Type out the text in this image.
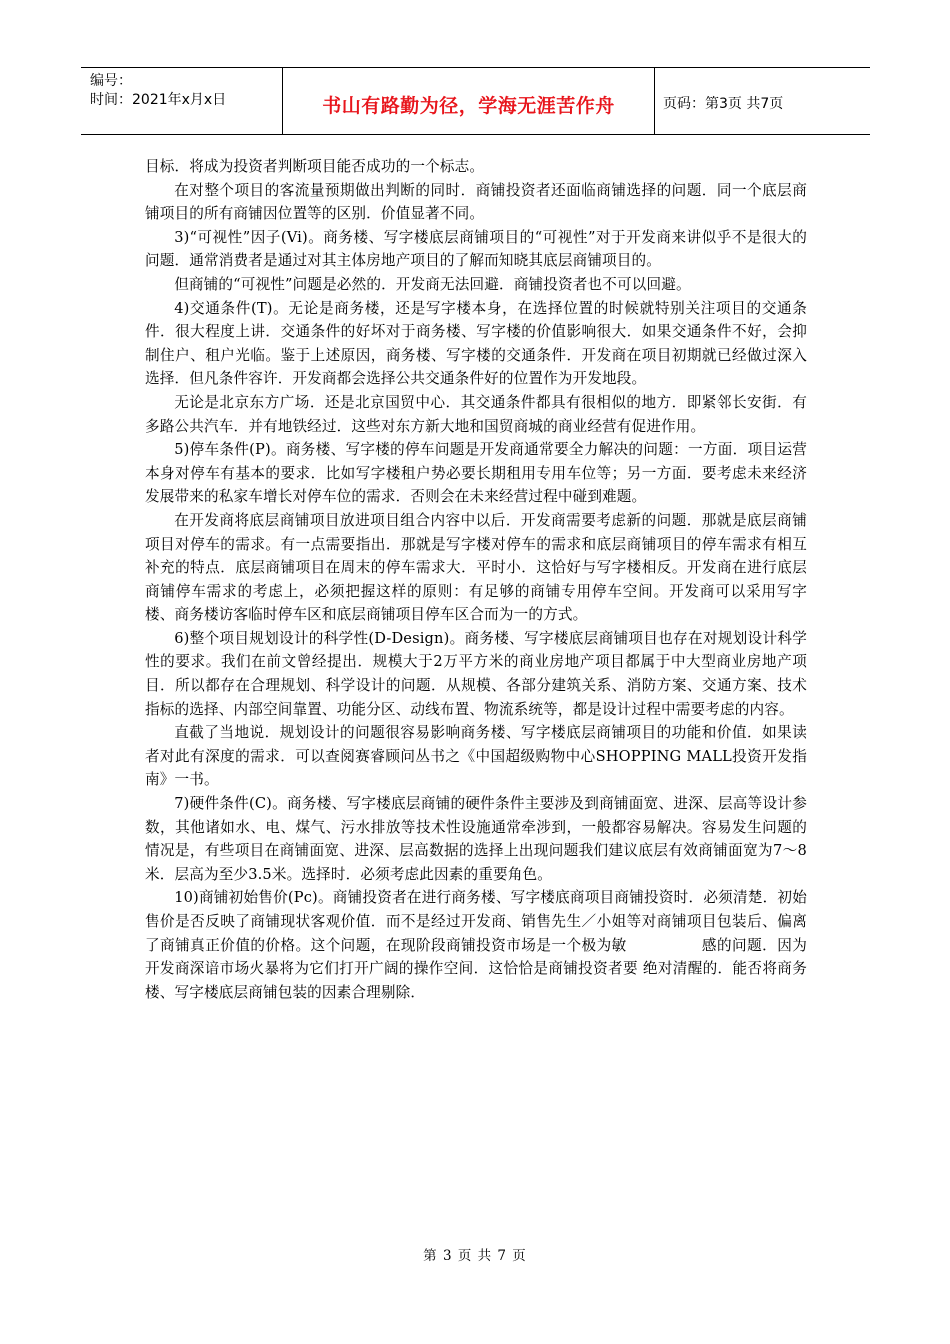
编号：
时间：2021年x月x日	书山有路勤为径，学海无涯苦作舟	页码：第3页 共7页

目标．将成为投资者判断项目能否成功的一个标志。

在对整个项目的客流量预期做出判断的同时．商铺投资者还面临商铺选择的问题．同一个底层商铺项目的所有商铺因位置等的区别．价值显著不同。

3)“可视性”因子(Vi)。商务楼、写字楼底层商铺项目的“可视性”对于开发商来讲似乎不是很大的问题．通常消费者是通过对其主体房地产项目的了解而知晓其底层商铺项目的。

但商铺的“可视性”问题是必然的．开发商无法回避．商铺投资者也不可以回避。

4)交通条件(T)。无论是商务楼，还是写字楼本身，在选择位置的时候就特别关注项目的交通条件．很大程度上讲．交通条件的好坏对于商务楼、写字楼的价值影响很大．如果交通条件不好，会抑制住户、租户光临。鉴于上述原因，商务楼、写字楼的交通条件．开发商在项目初期就已经做过深入选择．但凡条件容许．开发商都会选择公共交通条件好的位置作为开发地段。

无论是北京东方广场．还是北京国贸中心．其交通条件都具有很相似的地方．即紧邻长安街．有多路公共汽车．并有地铁经过．这些对东方新大地和国贸商城的商业经营有促进作用。

5)停车条件(P)。商务楼、写字楼的停车问题是开发商通常要全力解决的问题：一方面．项目运营本身对停车有基本的要求．比如写字楼租户势必要长期租用专用车位等；另一方面．要考虑未来经济发展带来的私家车增长对停车位的需求．否则会在未来经营过程中碰到难题。

在开发商将底层商铺项目放进项目组合内容中以后．开发商需要考虑新的问题．那就是底层商铺项目对停车的需求。有一点需要指出．那就是写字楼对停车的需求和底层商铺项目的停车需求有相互补充的特点．底层商铺项目在周末的停车需求大．平时小．这恰好与写字楼相反。开发商在进行底层商铺停车需求的考虑上，必须把握这样的原则：有足够的商铺专用停车空间。开发商可以采用写字楼、商务楼访客临时停车区和底层商铺项目停车区合而为一的方式。

6)整个项目规划设计的科学性(D-Design)。商务楼、写字楼底层商铺项目也存在对规划设计科学性的要求。我们在前文曾经提出．规模大于2万平方米的商业房地产项目都属于中大型商业房地产项目．所以都存在合理规划、科学设计的问题．从规模、各部分建筑关系、消防方案、交通方案、技术指标的选择、内部空间靠置、功能分区、动线布置、物流系统等，都是设计过程中需要考虑的内容。

直截了当地说．规划设计的问题很容易影响商务楼、写字楼底层商铺项目的功能和价值．如果读者对此有深度的需求．可以查阅赛睿顾问丛书之《中国超级购物中心SHOPPING MALL投资开发指南》一书。

7)硬件条件(C)。商务楼、写字楼底层商铺的硬件条件主要涉及到商铺面宽、进深、层高等设计参数，其他诸如水、电、煤气、污水排放等技术性设施通常牵涉到，一般都容易解决。容易发生问题的情况是，有些项目在商铺面宽、进深、层高数据的选择上出现问题我们建议底层有效商铺面宽为7～8米．层高为至少3.5米。选择时．必须考虑此因素的重要角色。

10)商铺初始售价(Pc)。商铺投资者在进行商务楼、写字楼底商项目商铺投资时．必须清楚．初始售价是否反映了商铺现状客观价值．而不是经过开发商、销售先生／小姐等对商铺项目包装后、偏离了商铺真正价值的价格。这个问题，在现阶段商铺投资市场是一个极为敏　　　　　感的问题．因为开发商深谙市场火暴将为它们打开广阔的操作空间．这恰恰是商铺投资者要 绝对清醒的．能否将商务楼、写字楼底层商铺包装的因素合理剔除．

第 3 页 共 7 页
